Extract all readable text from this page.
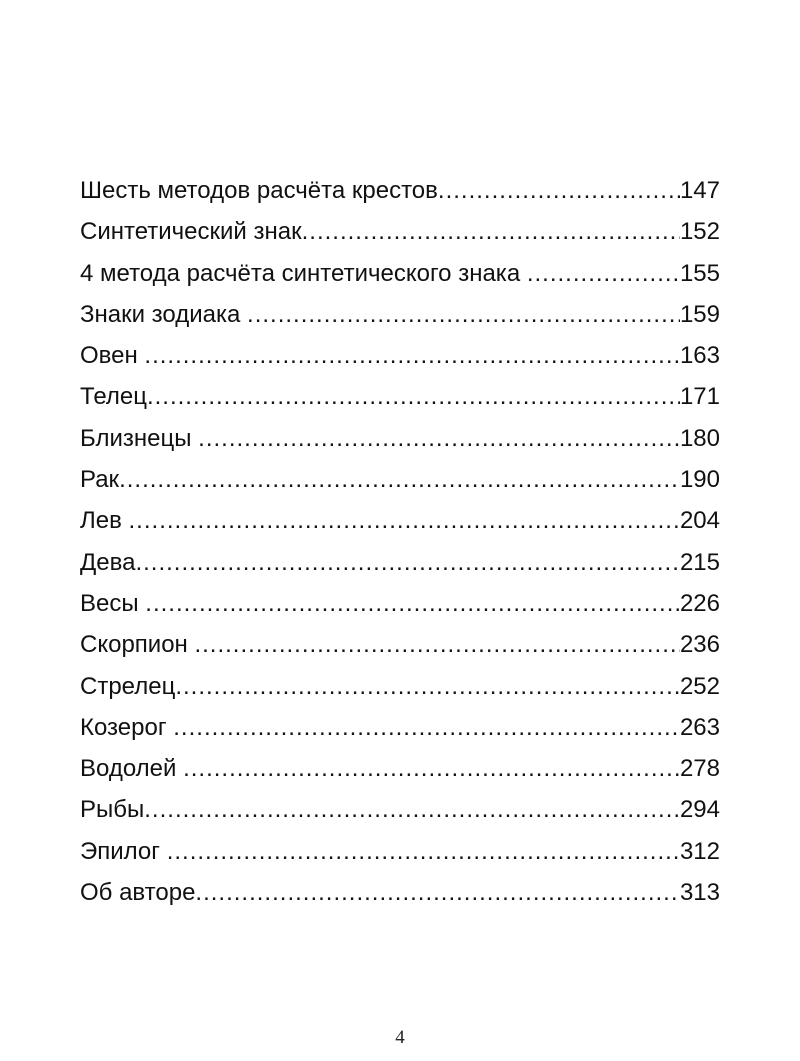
Шесть методов расчёта крестов .....	147
Синтетический знак .....	152
4 метода расчёта синтетического знака .....	155
Знаки зодиака .....	159
Овен .....	163
Телец .....	171
Близнецы .....	180
Рак .....	190
Лев .....	204
Дева .....	215
Весы .....	226
Скорпион .....	236
Стрелец .....	252
Козерог .....	263
Водолей .....	278
Рыбы .....	294
Эпилог .....	312
Об авторе .....	313
4
